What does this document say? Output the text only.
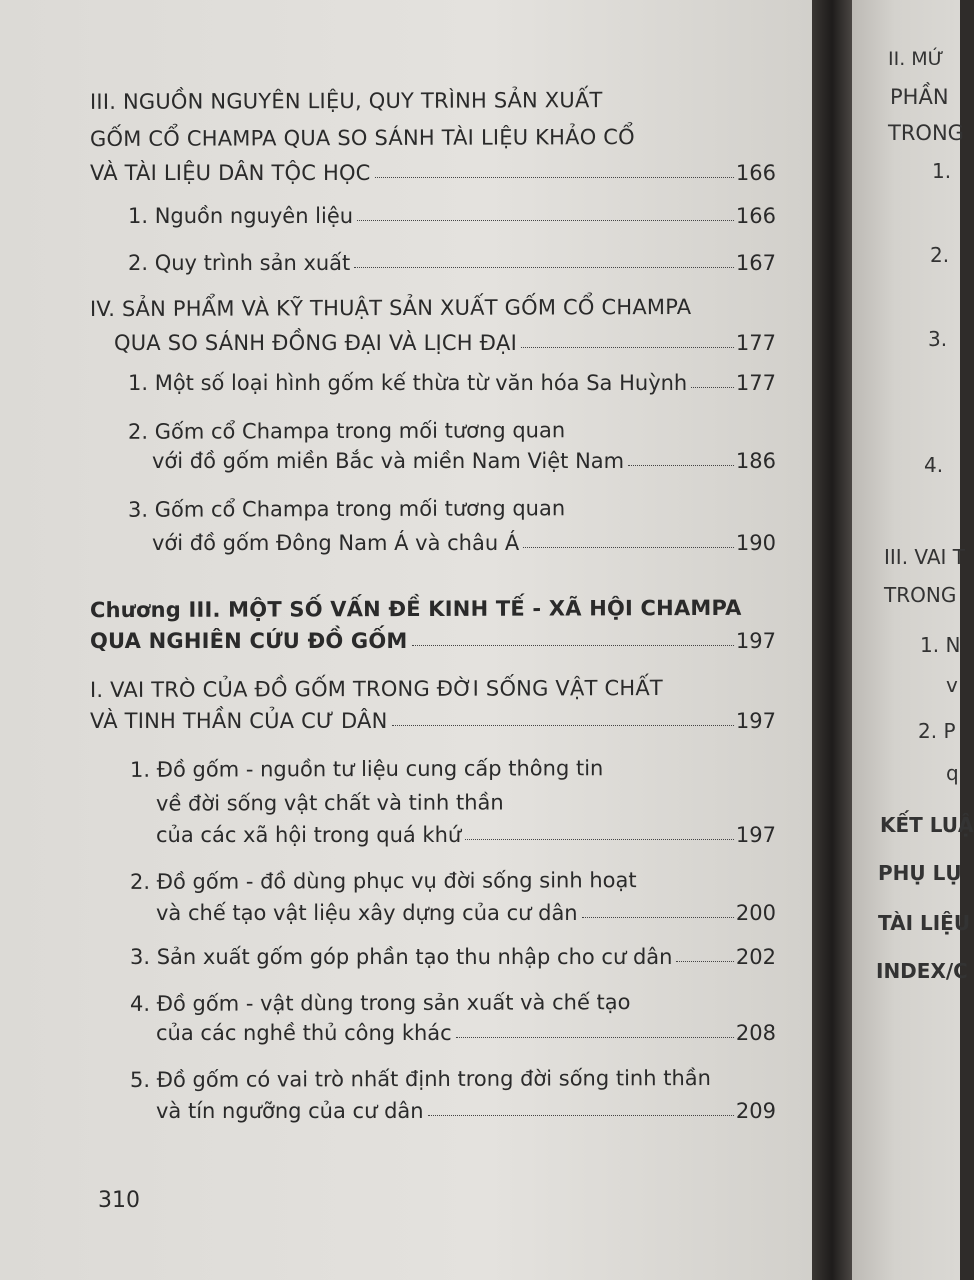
III. NGUỒN NGUYÊN LIỆU, QUY TRÌNH SẢN XUẤT
GỐM CỔ CHAMPA QUA SO SÁNH TÀI LIỆU KHẢO CỔ
VÀ TÀI LIỆU DÂN TỘC HỌC	166
1. Nguồn nguyên liệu	166
2. Quy trình sản xuất	167
IV. SẢN PHẨM VÀ KỸ THUẬT SẢN XUẤT GỐM CỔ CHAMPA
QUA SO SÁNH ĐỒNG ĐẠI VÀ LỊCH ĐẠI	177
1. Một số loại hình gốm kế thừa từ văn hóa Sa Huỳnh 177
2. Gốm cổ Champa trong mối tương quan
với đồ gốm miền Bắc và miền Nam Việt Nam	186
3. Gốm cổ Champa trong mối tương quan
với đồ gốm Đông Nam Á và châu Á	190
Chương III. MỘT SỐ VẤN ĐỀ KINH TẾ - XÃ HỘI CHAMPA
QUA NGHIÊN CỨU ĐỒ GỐM	197
I. VAI TRÒ CỦA ĐỒ GỐM TRONG ĐỜI SỐNG VẬT CHẤT
VÀ TINH THẦN CỦA CƯ DÂN	197
1. Đồ gốm - nguồn tư liệu cung cấp thông tin
về đời sống vật chất và tinh thần
của các xã hội trong quá khứ	197
2. Đồ gốm - đồ dùng phục vụ đời sống sinh hoạt
và chế tạo vật liệu xây dựng của cư dân	200
3. Sản xuất gốm góp phần tạo thu nhập cho cư dân	202
4. Đồ gốm - vật dùng trong sản xuất và chế tạo
của các nghề thủ công khác	208
5. Đồ gốm có vai trò nhất định trong đời sống tinh thần
và tín ngưỡng của cư dân	209
310
II. MỨ
PHẦN
TRONG
1.
2.
3.
4.
III. VAI T
TRONG
1. N
v
2. P
q
KẾT LUẬ
PHỤ LỤ
TÀI LIỆU
INDEX/C
